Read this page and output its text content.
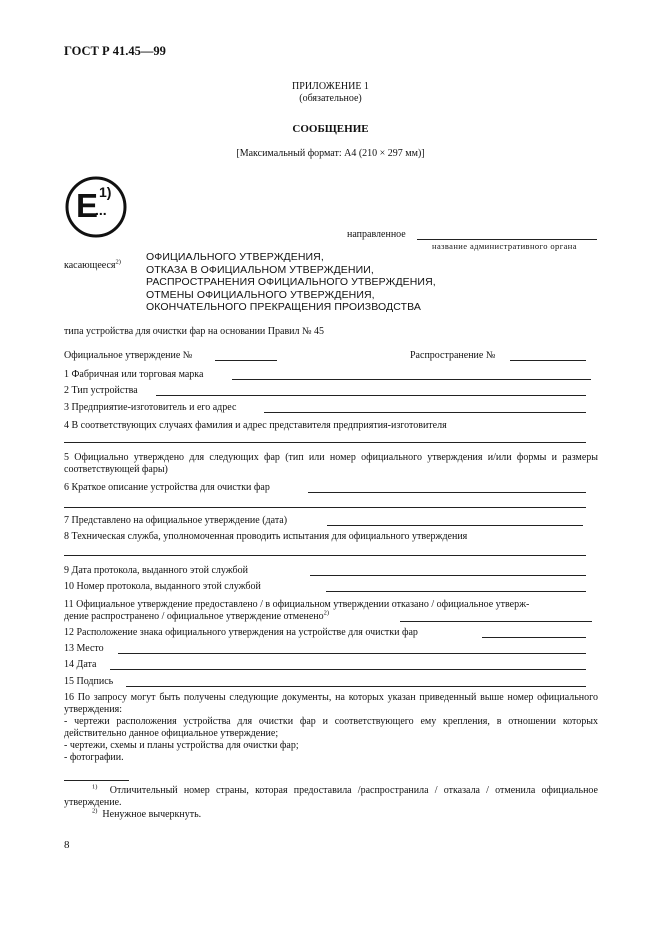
ГОСТ Р 41.45—99
ПРИЛОЖЕНИЕ 1
(обязательное)
СООБЩЕНИЕ
[Максимальный формат: А4 (210 × 297 мм)]
E 1)
...
направленное
название административного органа
касающееся$^{2)}$ ОФИЦИАЛЬНОГО УТВЕРЖДЕНИЯ,
ОТКАЗА В ОФИЦИАЛЬНОМ УТВЕРЖДЕНИИ,
РАСПРОСТРАНЕНИЯ ОФИЦИАЛЬНОГО УТВЕРЖДЕНИЯ,
ОТМЕНЫ ОФИЦИАЛЬНОГО УТВЕРЖДЕНИЯ,
ОКОНЧАТЕЛЬНОГО ПРЕКРАЩЕНИЯ ПРОИЗВОДСТВА
типа устройства для очистки фар на основании Правил № 45
Официальное утверждение №	Распространение №
1 Фабричная или торговая марка
2 Тип устройства
3 Предприятие-изготовитель и его адрес
4 В соответствующих случаях фамилия и адрес представителя предприятия-изготовителя
5 Официально утверждено для следующих фар (тип или номер официального утверждения и/или формы и размеры соответствующей фары)
6 Краткое описание устройства для очистки фар
7 Представлено на официальное утверждение (дата)
8 Техническая служба, уполномоченная проводить испытания для официального утверждения
9 Дата протокола, выданного этой службой
10 Номер протокола, выданного этой службой
11 Официальное утверждение предоставлено / в официальном утверждении отказано / официальное утверж-
дение распространено / официальное утверждение отменено$^{2)}$
12 Расположение знака официального утверждения на устройстве для очистки фар
13 Место
14 Дата
15 Подпись
16 По запросу могут быть получены следующие документы, на которых указан приведенный выше номер официального утверждения:
- чертежи расположения устройства для очистки фар и соответствующего ему крепления, в отношении которых действительно данное официальное утверждение;
- чертежи, схемы и планы устройства для очистки фар;
- фотографии.
$^{1)}$ Отличительный номер страны, которая предоставила /распространила / отказала / отменила официальное утверждение.
$^{2)}$ Ненужное вычеркнуть.
8
